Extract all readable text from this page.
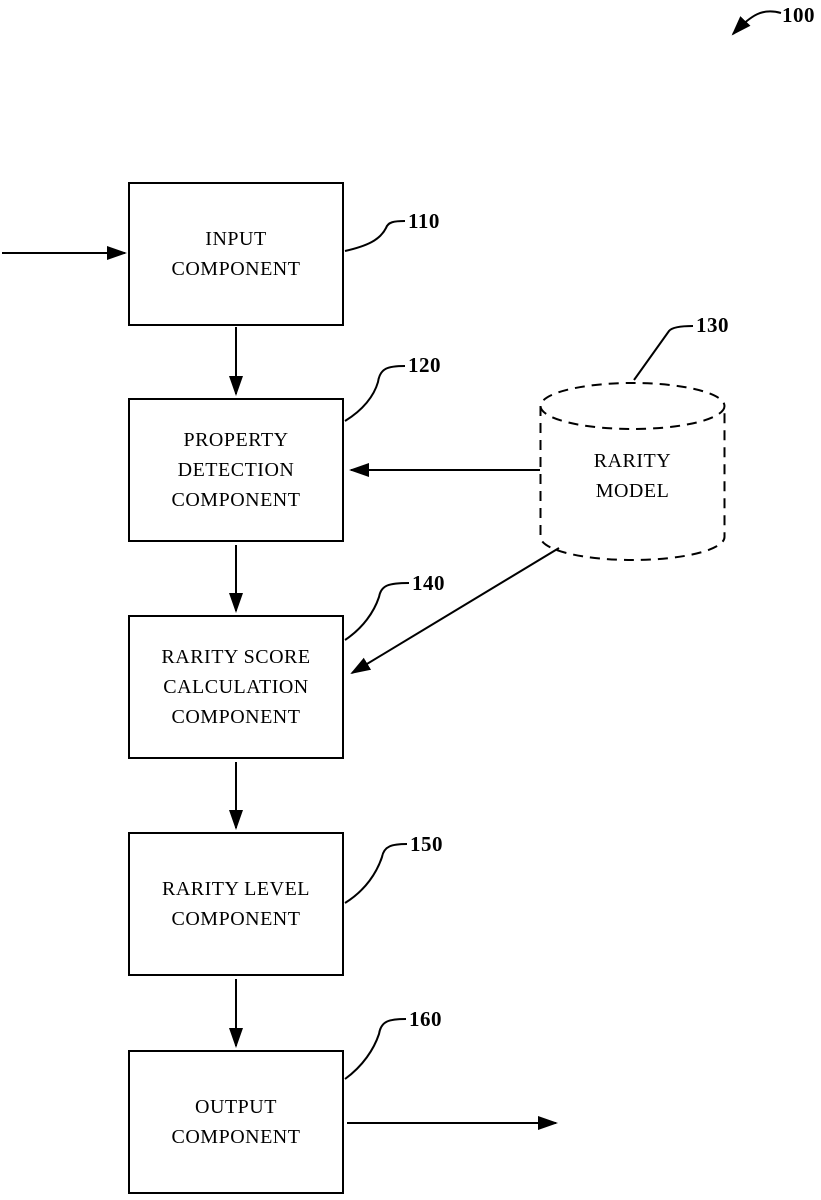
100
INPUT
COMPONENT
110
PROPERTY
DETECTION
COMPONENT
120
RARITY
MODEL
130
RARITY SCORE
CALCULATION
COMPONENT
140
RARITY LEVEL
COMPONENT
150
OUTPUT
COMPONENT
160
